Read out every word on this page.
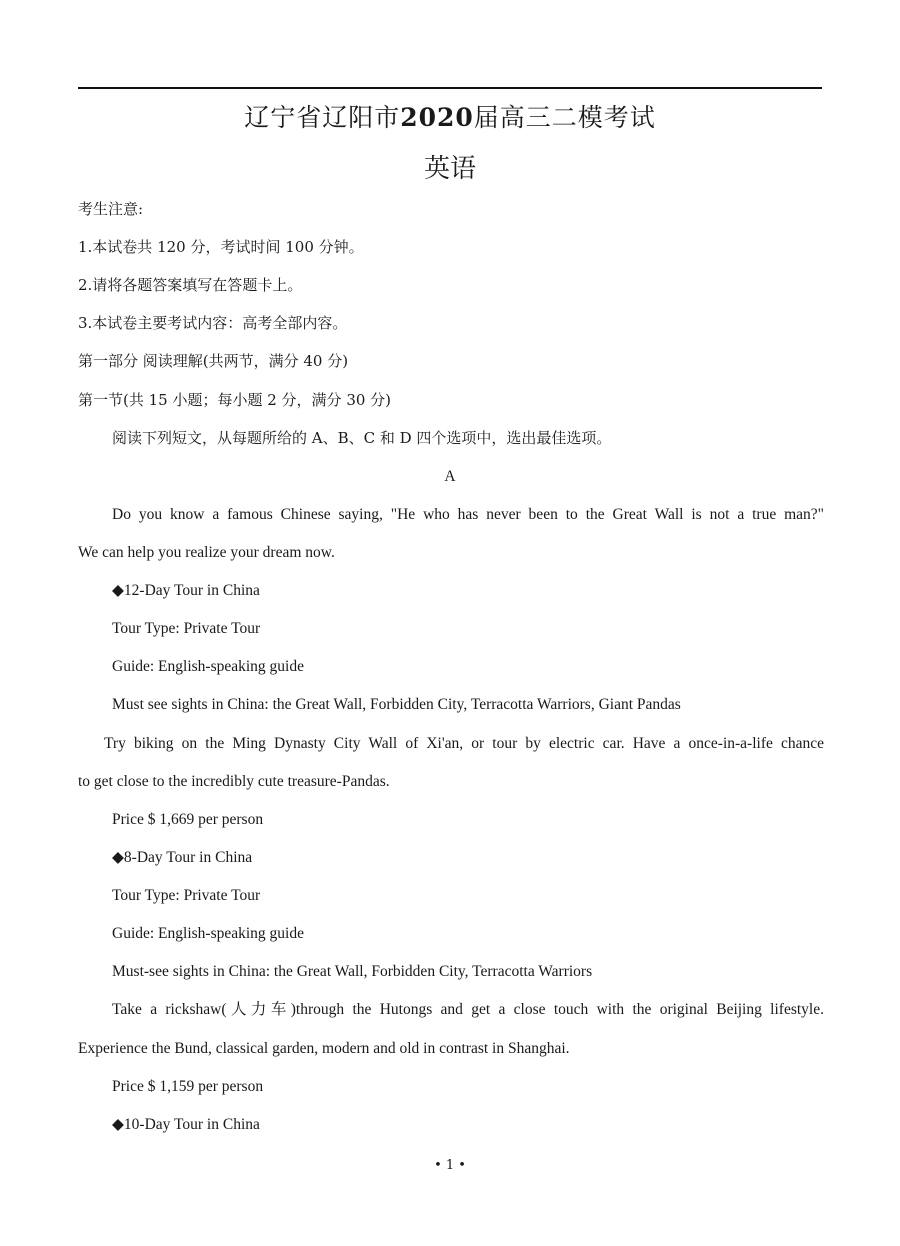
辽宁省辽阳市2020届高三二模考试
英语
考生注意:
1.本试卷共 120 分，考试时间 100 分钟。
2.请将各题答案填写在答题卡上。
3.本试卷主要考试内容：高考全部内容。
第一部分 阅读理解(共两节，满分 40 分)
第一节(共 15 小题；每小题 2 分，满分 30 分)
阅读下列短文，从每题所给的 A、B、C 和 D 四个选项中，选出最佳选项。
A
Do you know a famous Chinese saying, "He who has never been to the Great Wall is not a true man?"
We can help you realize your dream now.
◆12-Day Tour in China
Tour Type: Private Tour
Guide: English-speaking guide
Must see sights in China: the Great Wall, Forbidden City, Terracotta Warriors, Giant Pandas
Try biking on the Ming Dynasty City Wall of Xi'an, or tour by electric car. Have a once-in-a-life chance
to get close to the incredibly cute treasure-Pandas.
Price $ 1,669 per person
◆8-Day Tour in China
Tour Type: Private Tour
Guide: English-speaking guide
Must-see sights in China: the Great Wall, Forbidden City, Terracotta Warriors
Take a rickshaw(人力车)through the Hutongs and get a close touch with the original Beijing lifestyle.
Experience the Bund, classical garden, modern and old in contrast in Shanghai.
Price $ 1,159 per person
◆10-Day Tour in China
• 1 •
